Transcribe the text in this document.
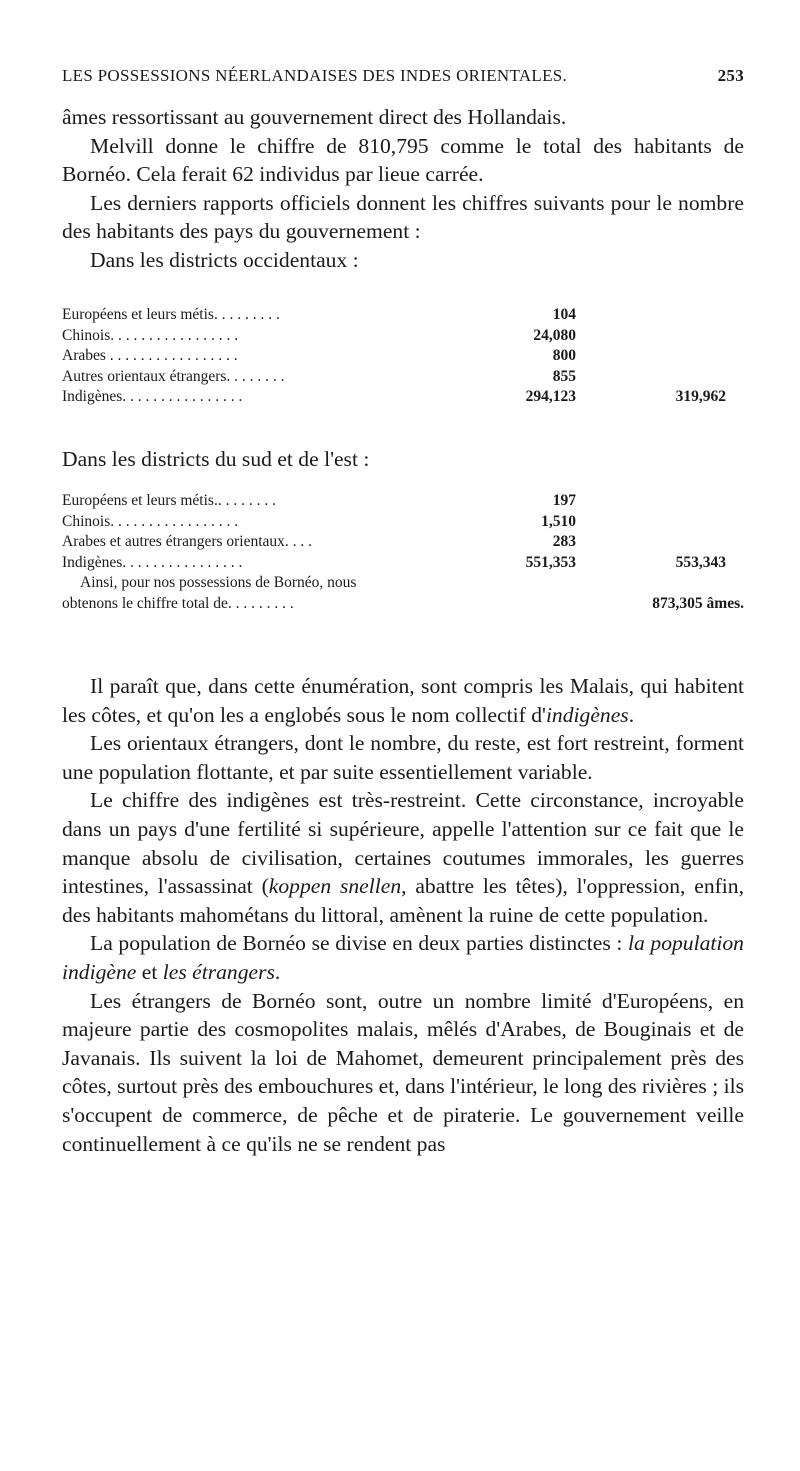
LES POSSESSIONS NÉERLANDAISES DES INDES ORIENTALES.	253

âmes ressortissant au gouvernement direct des Hollandais.

Melvill donne le chiffre de 810,795 comme le total des habitants de Bornéo. Cela ferait 62 individus par lieue carrée.

Les derniers rapports officiels donnent les chiffres suivants pour le nombre des habitants des pays du gouvernement :

Dans les districts occidentaux :

Européens et leurs métis. . . . . . . . .	104
Chinois. . . . . . . . . . . . . . . . .	24,080
Arabes . . . . . . . . . . . . . . . . .	800
Autres orientaux étrangers. . . . . . . .	855
Indigènes. . . . . . . . . . . . . . . .	294,123	319,962
Dans les districts du sud et de l'est :
Européens et leurs métis.. . . . . . . .	197
Chinois. . . . . . . . . . . . . . . . .	1,510
Arabes et autres étrangers orientaux. . . .	283
Indigènes. . . . . . . . . . . . . . . .	551,353	553,343
Ainsi, pour nos possessions de Bornéo, nous
obtenons le chiffre total de. . . . . . . . .	873,305 âmes.

Il paraît que, dans cette énumération, sont compris les Malais, qui habitent les côtes, et qu'on les a englobés sous le nom collectif d'indigènes.

Les orientaux étrangers, dont le nombre, du reste, est fort restreint, forment une population flottante, et par suite essentiellement variable.

Le chiffre des indigènes est très-restreint. Cette circonstance, incroyable dans un pays d'une fertilité si supérieure, appelle l'attention sur ce fait que le manque absolu de civilisation, certaines coutumes immorales, les guerres intestines, l'assassinat (koppen snellen, abattre les têtes), l'oppression, enfin, des habitants mahométans du littoral, amènent la ruine de cette population.

La population de Bornéo se divise en deux parties distinctes : la population indigène et les étrangers.

Les étrangers de Bornéo sont, outre un nombre limité d'Européens, en majeure partie des cosmopolites malais, mêlés d'Arabes, de Bouginais et de Javanais. Ils suivent la loi de Mahomet, demeurent principalement près des côtes, surtout près des embouchures et, dans l'intérieur, le long des rivières ; ils s'occupent de commerce, de pêche et de piraterie. Le gouvernement veille continuellement à ce qu'ils ne se rendent pas
